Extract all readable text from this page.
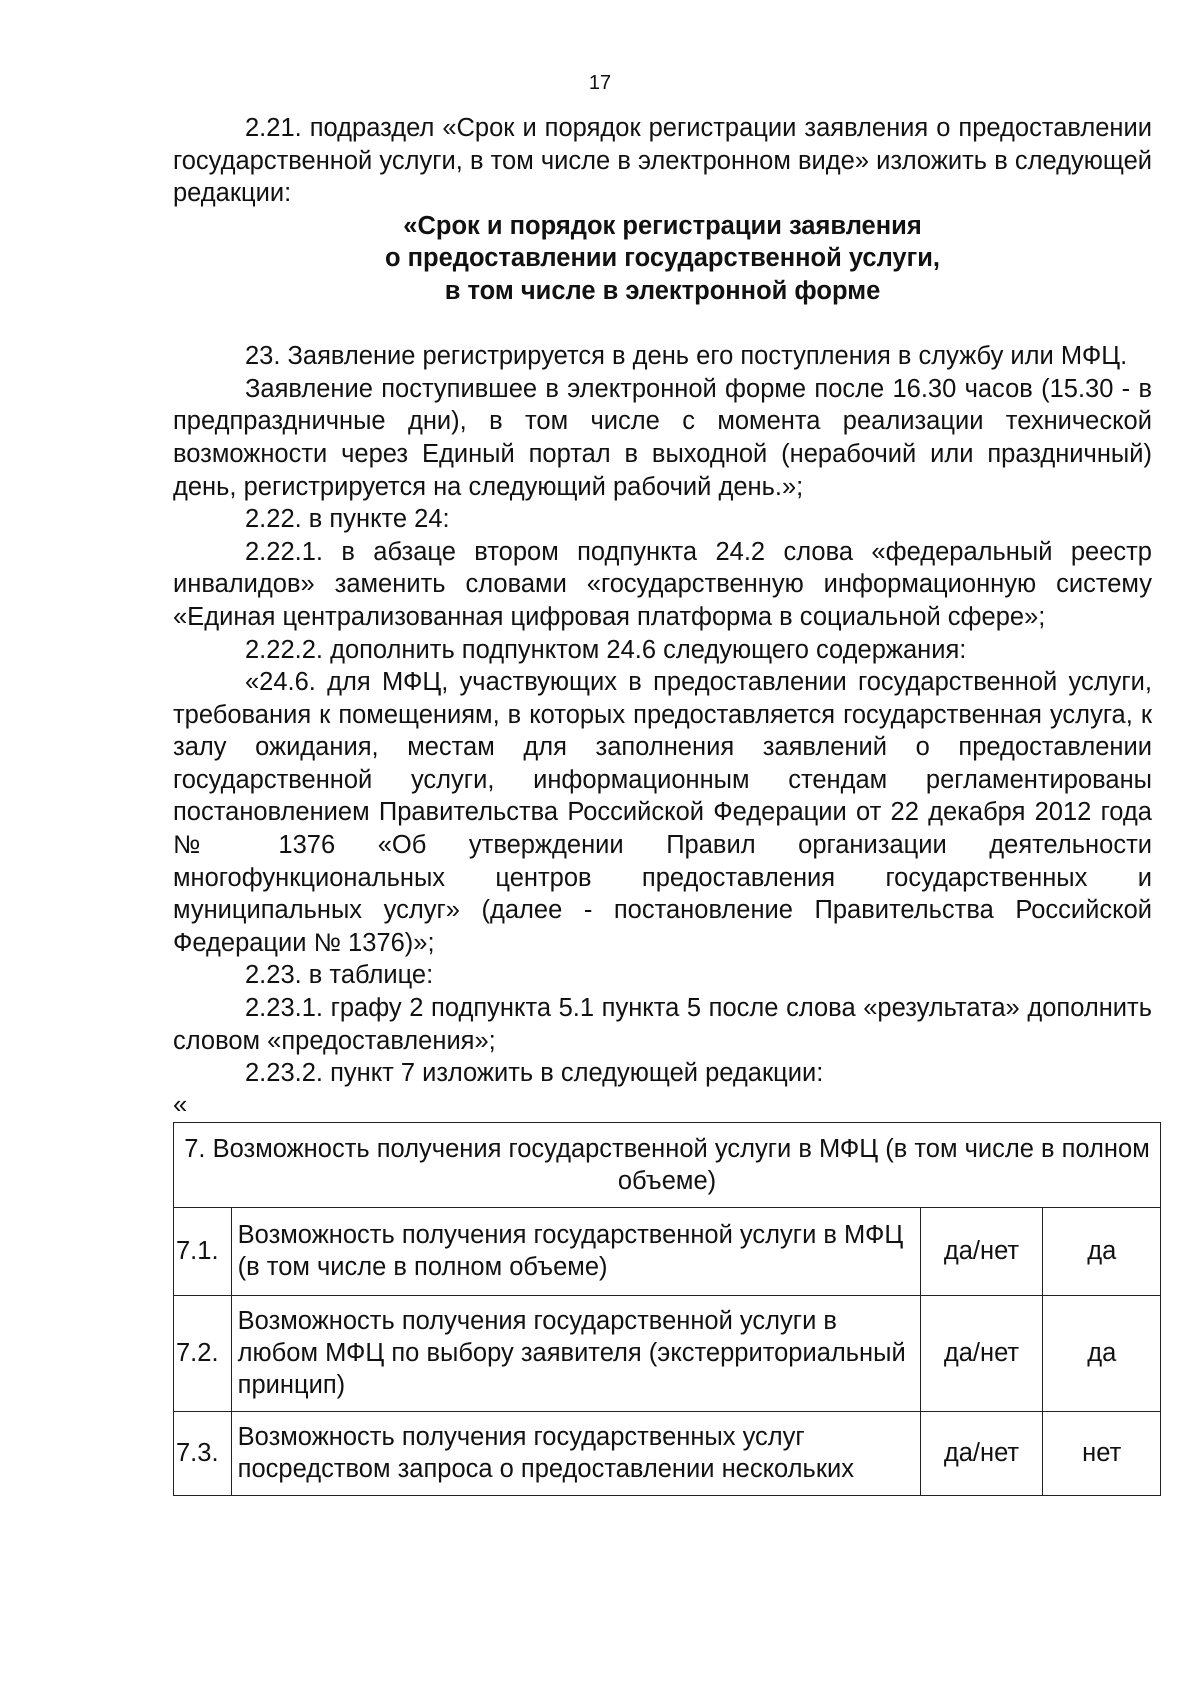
17

2.21. подраздел «Срок и порядок регистрации заявления о предоставлении государственной услуги, в том числе в электронном виде» изложить в следующей редакции:

«Срок и порядок регистрации заявления

о предоставлении государственной услуги,

в том числе в электронной форме

23. Заявление регистрируется в день его поступления в службу или МФЦ.

Заявление поступившее в электронной форме после 16.30 часов (15.30 - в предпраздничные дни), в том числе с момента реализации технической возможности через Единый портал в выходной (нерабочий или праздничный) день, регистрируется на следующий рабочий день.»;

2.22. в пункте 24:

2.22.1. в абзаце втором подпункта 24.2 слова «федеральный реестр инвалидов» заменить словами «государственную информационную систему «Единая централизованная цифровая платформа в социальной сфере»;

2.22.2. дополнить подпунктом 24.6 следующего содержания:

«24.6. для МФЦ, участвующих в предоставлении государственной услуги, требования к помещениям, в которых предоставляется государственная услуга, к залу ожидания, местам для заполнения заявлений о предоставлении государственной услуги, информационным стендам регламентированы постановлением Правительства Российской Федерации от 22 декабря 2012 года № 1376 «Об утверждении Правил организации деятельности многофункциональных центров предоставления государственных и муниципальных услуг» (далее - постановление Правительства Российской Федерации № 1376)»;

2.23. в таблице:

2.23.1. графу 2 подпункта 5.1 пункта 5 после слова «результата» дополнить словом «предоставления»;

2.23.2. пункт 7 изложить в следующей редакции:

«
7. Возможность получения государственной услуги в МФЦ (в том числе в полном объеме)			
7.1.	Возможность получения государственной услуги в МФЦ (в том числе в полном объеме)	да/нет	да
7.2.	Возможность получения государственной услуги в любом МФЦ по выбору заявителя (экстерриториальный принцип)	да/нет	да
7.3.	Возможность получения государственных услуг посредством запроса о предоставлении нескольких	да/нет	нет
